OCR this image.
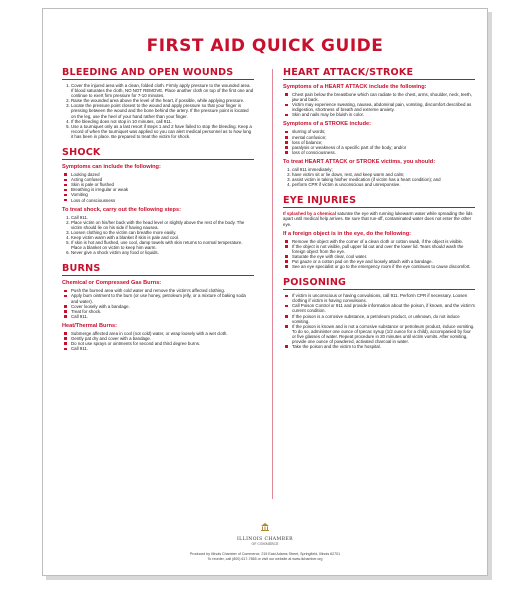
FIRST AID QUICK GUIDE
BLEEDING AND OPEN WOUNDS
1. Cover the injured area with a clean, folded cloth. Firmly apply pressure to the wounded area. If blood saturates the cloth, NO NOT REMOVE. Place another cloth on top of the first one and continue to exert firm pressure for 7-10 minutes.
2. Raise the wounded area above the level of the heart, if possible, while applying pressure.
3. Locate the pressure point closest to the wound and apply pressure so that your finger is pressing between the wound and the bone behind the artery. If the pressure point is located on the leg, use the heel of your hand rather than your finger.
4. If the bleeding does not stop in 10 minutes, call 911.
5. Use a tourniquet only as a last resort if steps 1 and 2 have failed to stop the bleeding. Keep a record of when the tourniquet was applied so you can alert medical personnel as to how long it has been in place. Be prepared to treat the victim for shock.
SHOCK
Symptoms can include the following:
Looking dazed
Acting confused
Skin is pale or flushed
Breathing is irregular or weak
Vomiting
Loss of consciousness
To treat shock, carry out the following steps:
1. Call 911.
2. Place victim on his/her back with the head level or slightly above the rest of the body. The victim should lie on his side if having nausea.
3. Loosen clothing so the victim can breathe more easily.
4. Keep victim warm with a blanket if skin is pale and cool.
5. If skin is hot and flushed, use cool, damp towels with skin returns to normal temperature. Place a blanket on victim to keep him warm.
6. Never give a shock victim any food or liquids.
BURNS
Chemical or Compressed Gas Burns:
Push the burned area with cold water and remove the victim's affected clothing.
Apply burn ointment to the burn (or use honey, petroleum jelly, or a mixture of baking soda and water).
Cover loosely with a bandage.
Treat for shock.
Call 911.
Heat/Thermal Burns:
Submerge affected area in cool (not cold) water, or wrap loosely with a wet cloth.
Gently pat dry and cover with a bandage.
Do not use sprays or ointments for second and third degree burns.
Call 911.
HEART ATTACK/STROKE
Symptoms of a HEART ATTACK include the following:
Chest pain below the breastbone which can radiate to the chest, arms, shoulder, neck, teeth, jaw and back.
Victim may experience sweating, nausea, abdominal pain, vomiting, discomfort described as indigestion, shortness of breath and extreme anxiety.
Skin and nails may be bluish in color.
Symptoms of a STROKE include:
slurring of words;
mental confusion;
loss of balance;
paralysis or weakness of a specific part of the body; and/or
loss of consciousness.
To treat HEART ATTACK or STROKE victims, you should:
1. call 911 immediately;
2. have victim sit or lie down, rest, and keep warm and calm;
3. assist victim in taking his/her medication (if victim has a heart condition); and
4. perform CPR if victim is unconscious and unresponsive.
EYE INJURIES

If splashed by a chemical saturate the eye with running lukewarm water while spreading the lids apart until medical help arrives. Be sure that run-off, contaminated water does not enter the other eye.

If a foreign object is in the eye, do the following:
Remove the object with the corner of a clean cloth or cotton swab, if the object is visible.
If the object is not visible, pull upper lid out and over the lower lid. Tears should wash the foreign object from the eye.
Saturate the eye with clear, cool water.
Put gauze or a cotton pad on the eye and loosely attach with a bandage.
See an eye specialist or go to the emergency room if the eye continues to cause discomfort.
POISONING
If victim is unconscious or having convulsions, call 911. Perform CPR if necessary. Loosen clothing if victim is having convulsions.
Call Poison Control or 911 and provide information about the poison, if known, and the victim's current condition.
If the poison is a corrosive substance, a petroleum product, or unknown, do not induce vomiting.
If the poison is known and is not a corrosive substance or petroleum product, induce vomiting. To do so, administer one ounce of Ipecac syrup (1/2 ounce for a child), accompanied by four or five glasses of water. Repeat procedure in 20 minutes until victim vomits. After vomiting, provide one ounce of powdered, activated charcoal in water.
Take the poison and the victim to the hospital.
ILLINOIS CHAMBER
OF COMMERCE
Produced by Illinois Chamber of Commerce, 215 East Adams Street, Springfield, Illinois 62701
To reorder, call (800) 617-7865 or visit our website at www.ilchamber.org
